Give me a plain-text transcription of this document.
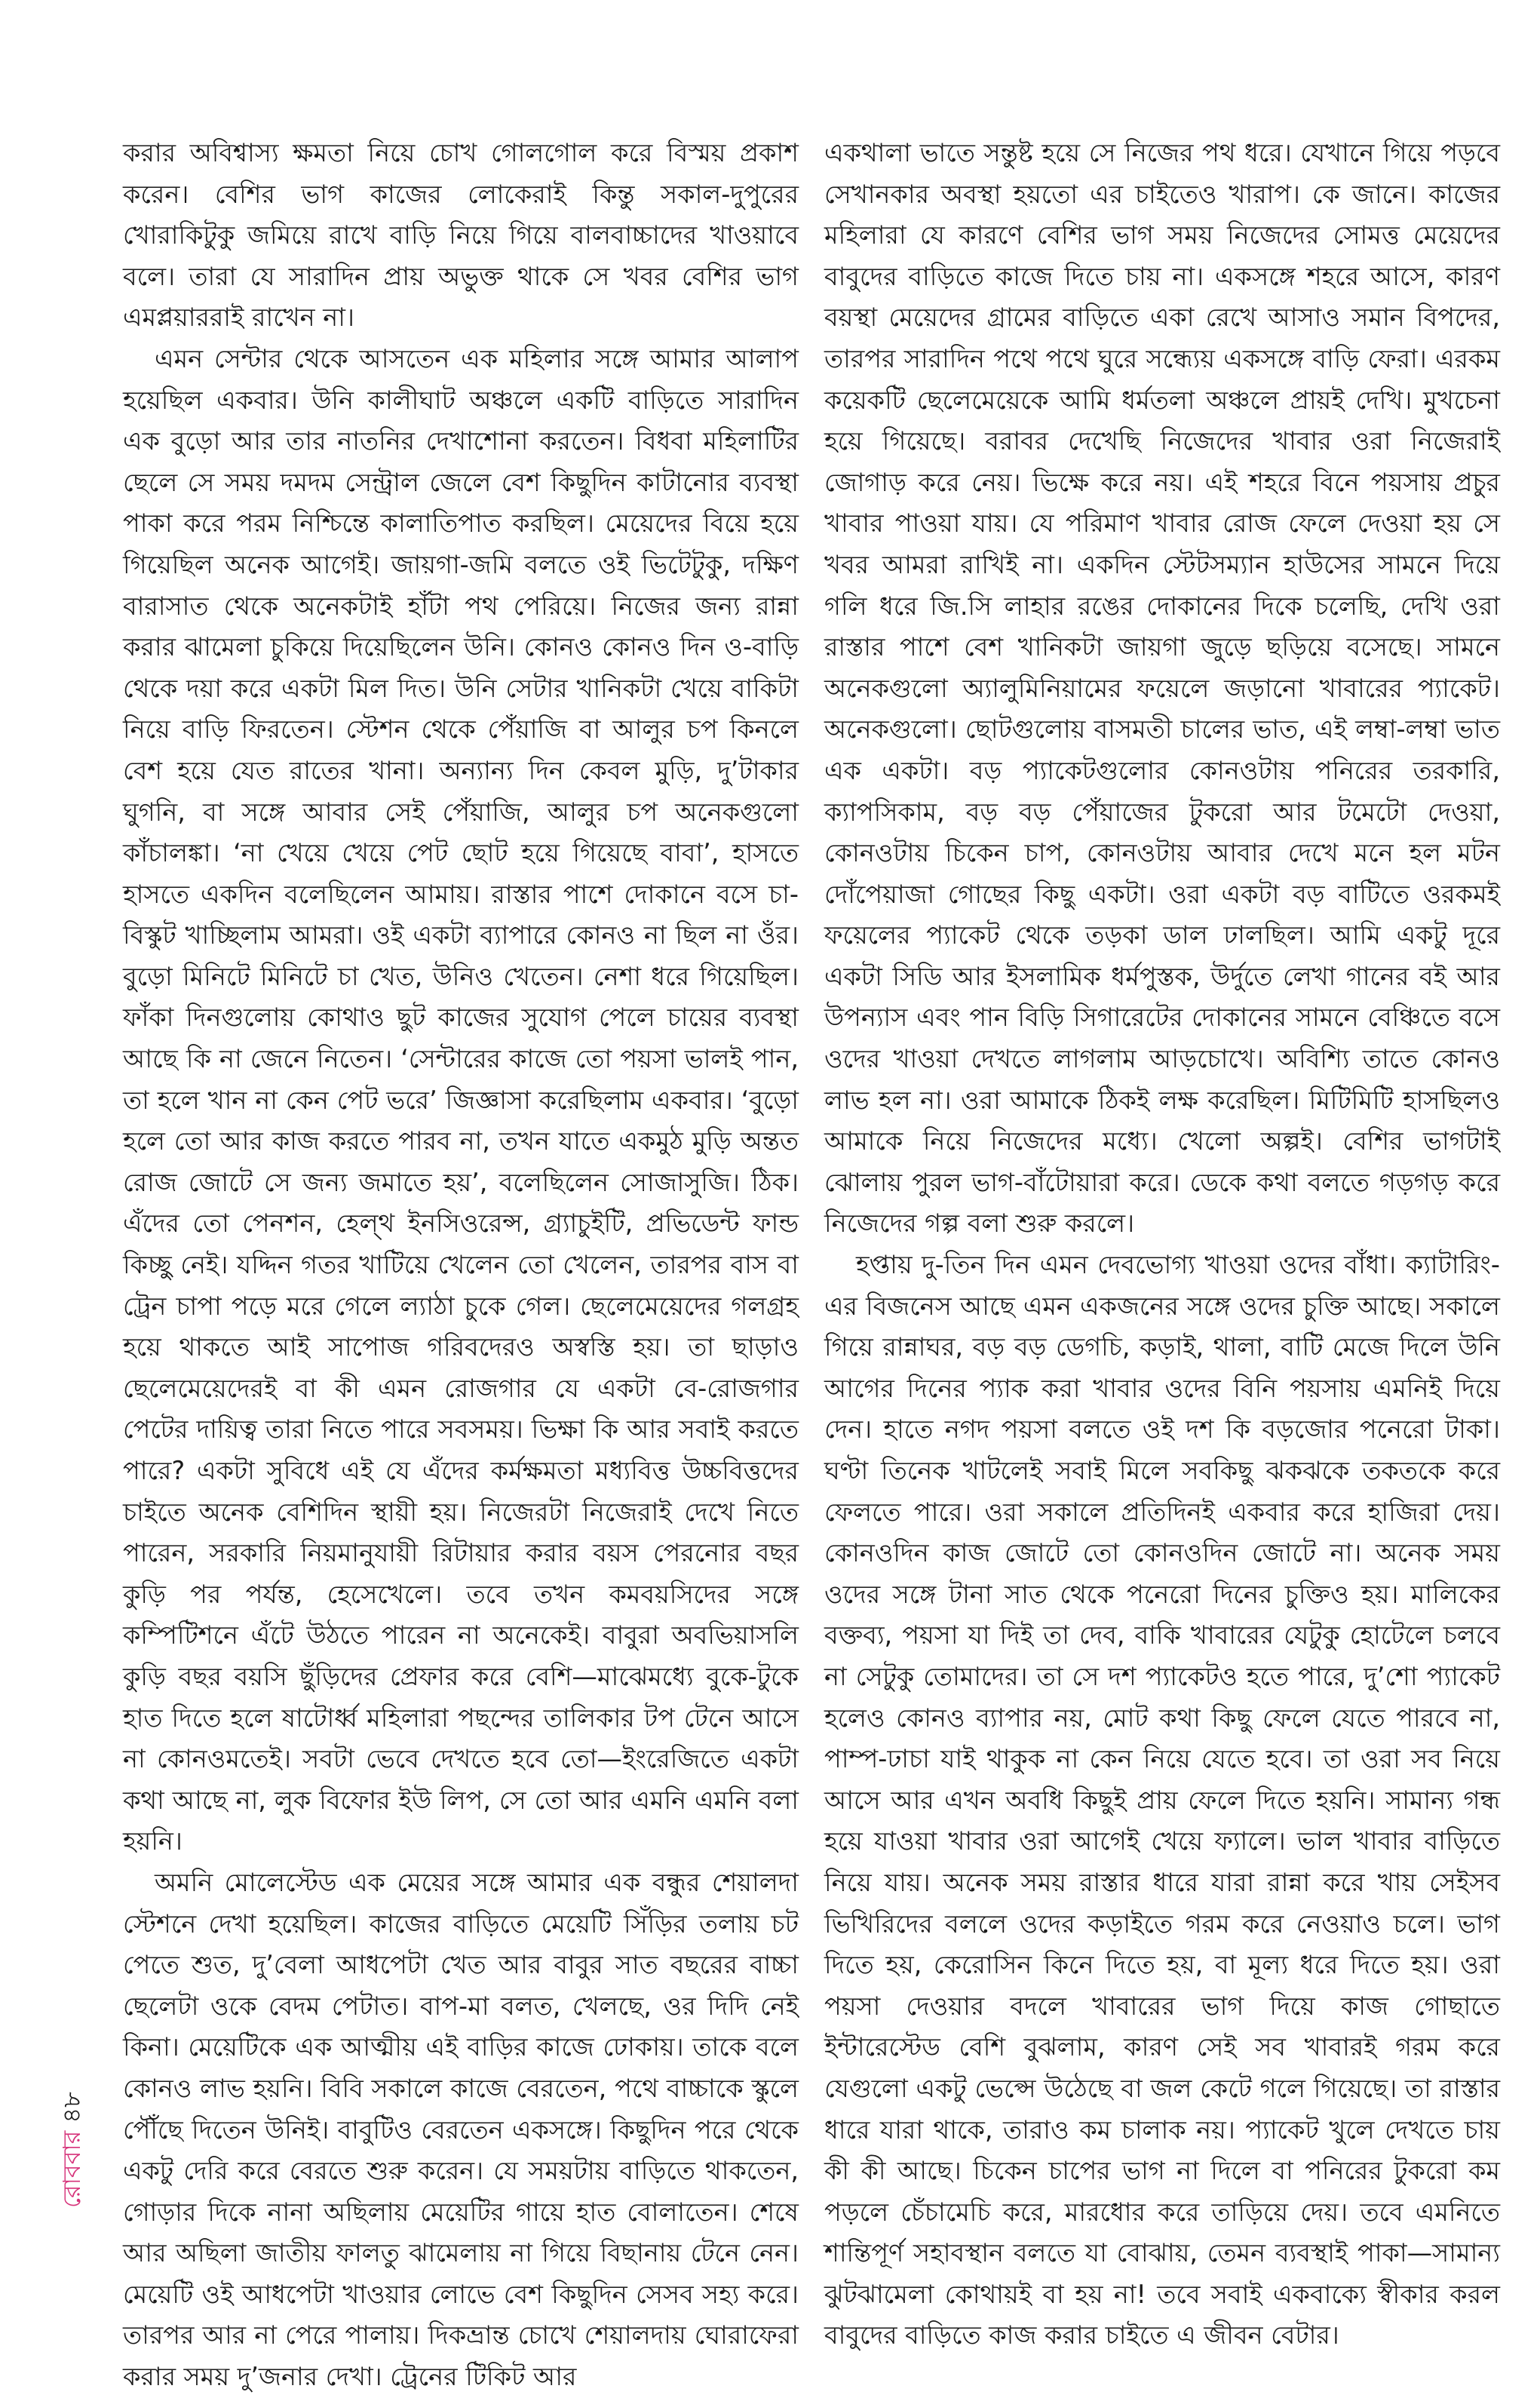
করার অবিশ্বাস্য ক্ষমতা নিয়ে চোখ গোলগোল করে বিস্ময় প্রকাশ করেন। বেশির ভাগ কাজের লোকেরাই কিন্তু সকাল-দুপুরের খোরাকিটুকু জমিয়ে রাখে বাড়ি নিয়ে গিয়ে বালবাচ্চাদের খাওয়াবে বলে। তারা যে সারাদিন প্রায় অভুক্ত থাকে সে খবর বেশির ভাগ এমপ্লয়াররাই রাখেন না।

এমন সেন্টার থেকে আসতেন এক মহিলার সঙ্গে আমার আলাপ হয়েছিল একবার। উনি কালীঘাট অঞ্চলে একটি বাড়িতে সারাদিন এক বুড়ো আর তার নাতনির দেখাশোনা করতেন। বিধবা মহিলাটির ছেলে সে সময় দমদম সেন্ট্রাল জেলে বেশ কিছুদিন কাটানোর ব্যবস্থা পাকা করে পরম নিশ্চিন্তে কালাতিপাত করছিল। মেয়েদের বিয়ে হয়ে গিয়েছিল অনেক আগেই। জায়গা-জমি বলতে ওই ভিটেটুকু, দক্ষিণ বারাসাত থেকে অনেকটাই হাঁটা পথ পেরিয়ে। নিজের জন্য রান্না করার ঝামেলা চুকিয়ে দিয়েছিলেন উনি। কোনও কোনও দিন ও-বাড়ি থেকে দয়া করে একটা মিল দিত। উনি সেটার খানিকটা খেয়ে বাকিটা নিয়ে বাড়ি ফিরতেন। স্টেশন থেকে পেঁয়াজি বা আলুর চপ কিনলে বেশ হয়ে যেত রাতের খানা। অন্যান্য দিন কেবল মুড়ি, দু’টাকার ঘুগনি, বা সঙ্গে আবার সেই পেঁয়াজি, আলুর চপ অনেকগুলো কাঁচালঙ্কা। ‘না খেয়ে খেয়ে পেট ছোট হয়ে গিয়েছে বাবা’, হাসতে হাসতে একদিন বলেছিলেন আমায়। রাস্তার পাশে দোকানে বসে চা-বিস্কুট খাচ্ছিলাম আমরা। ওই একটা ব্যাপারে কোনও না ছিল না ওঁর। বুড়ো মিনিটে মিনিটে চা খেত, উনিও খেতেন। নেশা ধরে গিয়েছিল। ফাঁকা দিনগুলোয় কোথাও ছুট কাজের সুযোগ পেলে চায়ের ব্যবস্থা আছে কি না জেনে নিতেন। ‘সেন্টারের কাজে তো পয়সা ভালই পান, তা হলে খান না কেন পেট ভরে’ জিজ্ঞাসা করেছিলাম একবার। ‘বুড়ো হলে তো আর কাজ করতে পারব না, তখন যাতে একমুঠ মুড়ি অন্তত রোজ জোটে সে জন্য জমাতে হয়’, বলেছিলেন সোজাসুজি। ঠিক। এঁদের তো পেনশন, হেল্থ ইনসিওরেন্স, গ্র্যাচুইটি, প্রভিডেন্ট ফান্ড কিচ্ছু নেই। যদ্দিন গতর খাটিয়ে খেলেন তো খেলেন, তারপর বাস বা ট্রেন চাপা পড়ে মরে গেলে ল্যাঠা চুকে গেল। ছেলেমেয়েদের গলগ্রহ হয়ে থাকতে আই সাপোজ গরিবদেরও অস্বস্তি হয়। তা ছাড়াও ছেলেমেয়েদেরই বা কী এমন রোজগার যে একটা বে-রোজগার পেটের দায়িত্ব তারা নিতে পারে সবসময়। ভিক্ষা কি আর সবাই করতে পারে? একটা সুবিধে এই যে এঁদের কর্মক্ষমতা মধ্যবিত্ত উচ্চবিত্তদের চাইতে অনেক বেশিদিন স্থায়ী হয়। নিজেরটা নিজেরাই দেখে নিতে পারেন, সরকারি নিয়মানুযায়ী রিটায়ার করার বয়স পেরনোর বছর কুড়ি পর পর্যন্ত, হেসেখেলে। তবে তখন কমবয়সিদের সঙ্গে কম্পিটিশনে এঁটে উঠতে পারেন না অনেকেই। বাবুরা অবভিয়াসলি কুড়ি বছর বয়সি ছুঁড়িদের প্রেফার করে বেশি—মাঝেমধ্যে বুকে-টুকে হাত দিতে হলে ষাটোর্ধ্ব মহিলারা পছন্দের তালিকার টপ টেনে আসে না কোনওমতেই। সবটা ভেবে দেখতে হবে তো—ইংরেজিতে একটা কথা আছে না, লুক বিফোর ইউ লিপ, সে তো আর এমনি এমনি বলা হয়নি।

অমনি মোলেস্টেড এক মেয়ের সঙ্গে আমার এক বন্ধুর শেয়ালদা স্টেশনে দেখা হয়েছিল। কাজের বাড়িতে মেয়েটি সিঁড়ির তলায় চট পেতে শুত, দু’বেলা আধপেটা খেত আর বাবুর সাত বছরের বাচ্চা ছেলেটা ওকে বেদম পেটাত। বাপ-মা বলত, খেলছে, ওর দিদি নেই কিনা। মেয়েটিকে এক আত্মীয় এই বাড়ির কাজে ঢোকায়। তাকে বলে কোনও লাভ হয়নি। বিবি সকালে কাজে বেরতেন, পথে বাচ্চাকে স্কুলে পৌঁছে দিতেন উনিই। বাবুটিও বেরতেন একসঙ্গে। কিছুদিন পরে থেকে একটু দেরি করে বেরতে শুরু করেন। যে সময়টায় বাড়িতে থাকতেন, গোড়ার দিকে নানা অছিলায় মেয়েটির গায়ে হাত বোলাতেন। শেষে আর অছিলা জাতীয় ফালতু ঝামেলায় না গিয়ে বিছানায় টেনে নেন। মেয়েটি ওই আধপেটা খাওয়ার লোভে বেশ কিছুদিন সেসব সহ্য করে। তারপর আর না পেরে পালায়। দিকভ্রান্ত চোখে শেয়ালদায় ঘোরাফেরা করার সময় দু’জনার দেখা। ট্রেনের টিকিট আর

একথালা ভাতে সন্তুষ্ট হয়ে সে নিজের পথ ধরে। যেখানে গিয়ে পড়বে সেখানকার অবস্থা হয়তো এর চাইতেও খারাপ। কে জানে। কাজের মহিলারা যে কারণে বেশির ভাগ সময় নিজেদের সোমত্ত মেয়েদের বাবুদের বাড়িতে কাজে দিতে চায় না। একসঙ্গে শহরে আসে, কারণ বয়স্থা মেয়েদের গ্রামের বাড়িতে একা রেখে আসাও সমান বিপদের, তারপর সারাদিন পথে পথে ঘুরে সন্ধ্যেয় একসঙ্গে বাড়ি ফেরা। এরকম কয়েকটি ছেলেমেয়েকে আমি ধর্মতলা অঞ্চলে প্রায়ই দেখি। মুখচেনা হয়ে গিয়েছে। বরাবর দেখেছি নিজেদের খাবার ওরা নিজেরাই জোগাড় করে নেয়। ভিক্ষে করে নয়। এই শহরে বিনে পয়সায় প্রচুর খাবার পাওয়া যায়। যে পরিমাণ খাবার রোজ ফেলে দেওয়া হয় সে খবর আমরা রাখিই না। একদিন স্টেটসম্যান হাউসের সামনে দিয়ে গলি ধরে জি.সি লাহার রঙের দোকানের দিকে চলেছি, দেখি ওরা রাস্তার পাশে বেশ খানিকটা জায়গা জুড়ে ছড়িয়ে বসেছে। সামনে অনেকগুলো অ্যালুমিনিয়ামের ফয়েলে জড়ানো খাবারের প্যাকেট। অনেকগুলো। ছোটগুলোয় বাসমতী চালের ভাত, এই লম্বা-লম্বা ভাত এক একটা। বড় প্যাকেটগুলোর কোনওটায় পনিরের তরকারি, ক্যাপসিকাম, বড় বড় পেঁয়াজের টুকরো আর টমেটো দেওয়া, কোনওটায় চিকেন চাপ, কোনওটায় আবার দেখে মনে হল মটন দোঁপেয়াজা গোছের কিছু একটা। ওরা একটা বড় বাটিতে ওরকমই ফয়েলের প্যাকেট থেকে তড়কা ডাল ঢালছিল। আমি একটু দূরে একটা সিডি আর ইসলামিক ধর্মপুস্তক, উর্দুতে লেখা গানের বই আর উপন্যাস এবং পান বিড়ি সিগারেটের দোকানের সামনে বেঞ্চিতে বসে ওদের খাওয়া দেখতে লাগলাম আড়চোখে। অবিশ্যি তাতে কোনও লাভ হল না। ওরা আমাকে ঠিকই লক্ষ করেছিল। মিটিমিটি হাসছিলও আমাকে নিয়ে নিজেদের মধ্যে। খেলো অল্পই। বেশির ভাগটাই ঝোলায় পুরল ভাগ-বাঁটোয়ারা করে। ডেকে কথা বলতে গড়গড় করে নিজেদের গল্প বলা শুরু করলে।

হপ্তায় দু-তিন দিন এমন দেবভোগ্য খাওয়া ওদের বাঁধা। ক্যাটারিং-এর বিজনেস আছে এমন একজনের সঙ্গে ওদের চুক্তি আছে। সকালে গিয়ে রান্নাঘর, বড় বড় ডেগচি, কড়াই, থালা, বাটি মেজে দিলে উনি আগের দিনের প্যাক করা খাবার ওদের বিনি পয়সায় এমনিই দিয়ে দেন। হাতে নগদ পয়সা বলতে ওই দশ কি বড়জোর পনেরো টাকা। ঘণ্টা তিনেক খাটলেই সবাই মিলে সবকিছু ঝকঝকে তকতকে করে ফেলতে পারে। ওরা সকালে প্রতিদিনই একবার করে হাজিরা দেয়। কোনওদিন কাজ জোটে তো কোনওদিন জোটে না। অনেক সময় ওদের সঙ্গে টানা সাত থেকে পনেরো দিনের চুক্তিও হয়। মালিকের বক্তব্য, পয়সা যা দিই তা দেব, বাকি খাবারের যেটুকু হোটেলে চলবে না সেটুকু তোমাদের। তা সে দশ প্যাকেটও হতে পারে, দু’শো প্যাকেট হলেও কোনও ব্যাপার নয়, মোট কথা কিছু ফেলে যেতে পারবে না, পাম্প-ঢাচা যাই থাকুক না কেন নিয়ে যেতে হবে। তা ওরা সব নিয়ে আসে আর এখন অবধি কিছুই প্রায় ফেলে দিতে হয়নি। সামান্য গন্ধ হয়ে যাওয়া খাবার ওরা আগেই খেয়ে ফ্যালে। ভাল খাবার বাড়িতে নিয়ে যায়। অনেক সময় রাস্তার ধারে যারা রান্না করে খায় সেইসব ভিখিরিদের বললে ওদের কড়াইতে গরম করে নেওয়াও চলে। ভাগ দিতে হয়, কেরোসিন কিনে দিতে হয়, বা মূল্য ধরে দিতে হয়। ওরা পয়সা দেওয়ার বদলে খাবারের ভাগ দিয়ে কাজ গোছাতে ইন্টারেস্টেড বেশি বুঝলাম, কারণ সেই সব খাবারই গরম করে যেগুলো একটু ভেপ্সে উঠেছে বা জল কেটে গলে গিয়েছে। তা রাস্তার ধারে যারা থাকে, তারাও কম চালাক নয়। প্যাকেট খুলে দেখতে চায় কী কী আছে। চিকেন চাপের ভাগ না দিলে বা পনিরের টুকরো কম পড়লে চেঁচামেচি করে, মারধোর করে তাড়িয়ে দেয়। তবে এমনিতে শান্তিপূর্ণ সহাবস্থান বলতে যা বোঝায়, তেমন ব্যবস্থাই পাকা—সামান্য ঝুটঝামেলা কোথায়ই বা হয় না! তবে সবাই একবাক্যে স্বীকার করল বাবুদের বাড়িতে কাজ করার চাইতে এ জীবন বেটার।

রোববার৪৮
